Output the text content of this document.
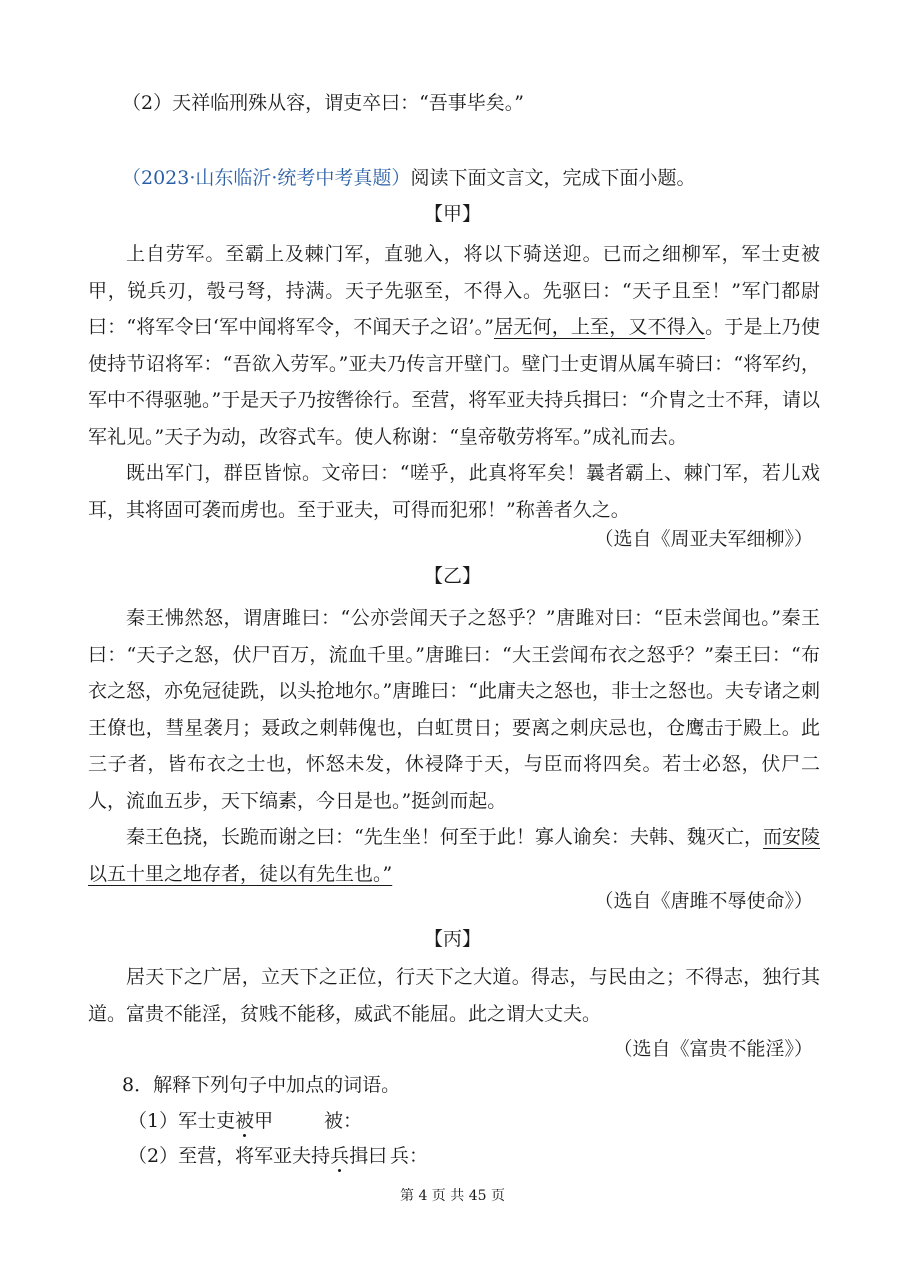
（2）天祥临刑殊从容，谓吏卒曰：“吾事毕矣。”
（2023·山东临沂·统考中考真题）阅读下面文言文，完成下面小题。
【甲】

上自劳军。至霸上及棘门军，直驰入，将以下骑送迎。已而之细柳军，军士吏被甲，锐兵刃，彀弓弩，持满。天子先驱至，不得入。先驱曰：“天子且至！”军门都尉曰：“将军令曰‘军中闻将军令，不闻天子之诏’。”居无何，上至，又不得入。于是上乃使使持节诏将军：“吾欲入劳军。”亚夫乃传言开壁门。壁门士吏谓从属车骑曰：“将军约，军中不得驱驰。”于是天子乃按辔徐行。至营，将军亚夫持兵揖曰：“介胄之士不拜，请以军礼见。”天子为动，改容式车。使人称谢：“皇帝敬劳将军。”成礼而去。

既出军门，群臣皆惊。文帝曰：“嗟乎，此真将军矣！曩者霸上、棘门军，若儿戏耳，其将固可袭而虏也。至于亚夫，可得而犯邪！”称善者久之。

（选自《周亚夫军细柳》）
【乙】

秦王怫然怒，谓唐雎曰：“公亦尝闻天子之怒乎？”唐雎对曰：“臣未尝闻也。”秦王曰：“天子之怒，伏尸百万，流血千里。”唐雎曰：“大王尝闻布衣之怒乎？”秦王曰：“布衣之怒，亦免冠徒跣，以头抢地尔。”唐雎曰：“此庸夫之怒也，非士之怒也。夫专诸之刺王僚也，彗星袭月；聂政之刺韩傀也，白虹贯日；要离之刺庆忌也，仓鹰击于殿上。此三子者，皆布衣之士也，怀怒未发，休祲降于天，与臣而将四矣。若士必怒，伏尸二人，流血五步，天下缟素，今日是也。”挺剑而起。

秦王色挠，长跪而谢之曰：“先生坐！何至于此！寡人谕矣：夫韩、魏灭亡，而安陵以五十里之地存者，徒以有先生也。”

（选自《唐雎不辱使命》）
【丙】

居天下之广居，立天下之正位，行天下之大道。得志，与民由之；不得志，独行其道。富贵不能淫，贫贱不能移，威武不能屈。此之谓大丈夫。

（选自《富贵不能淫》）
8．解释下列句子中加点的词语。
（1）军士吏被甲	被：
（2）至营，将军亚夫持兵揖曰 兵：
第 4 页 共 45 页
